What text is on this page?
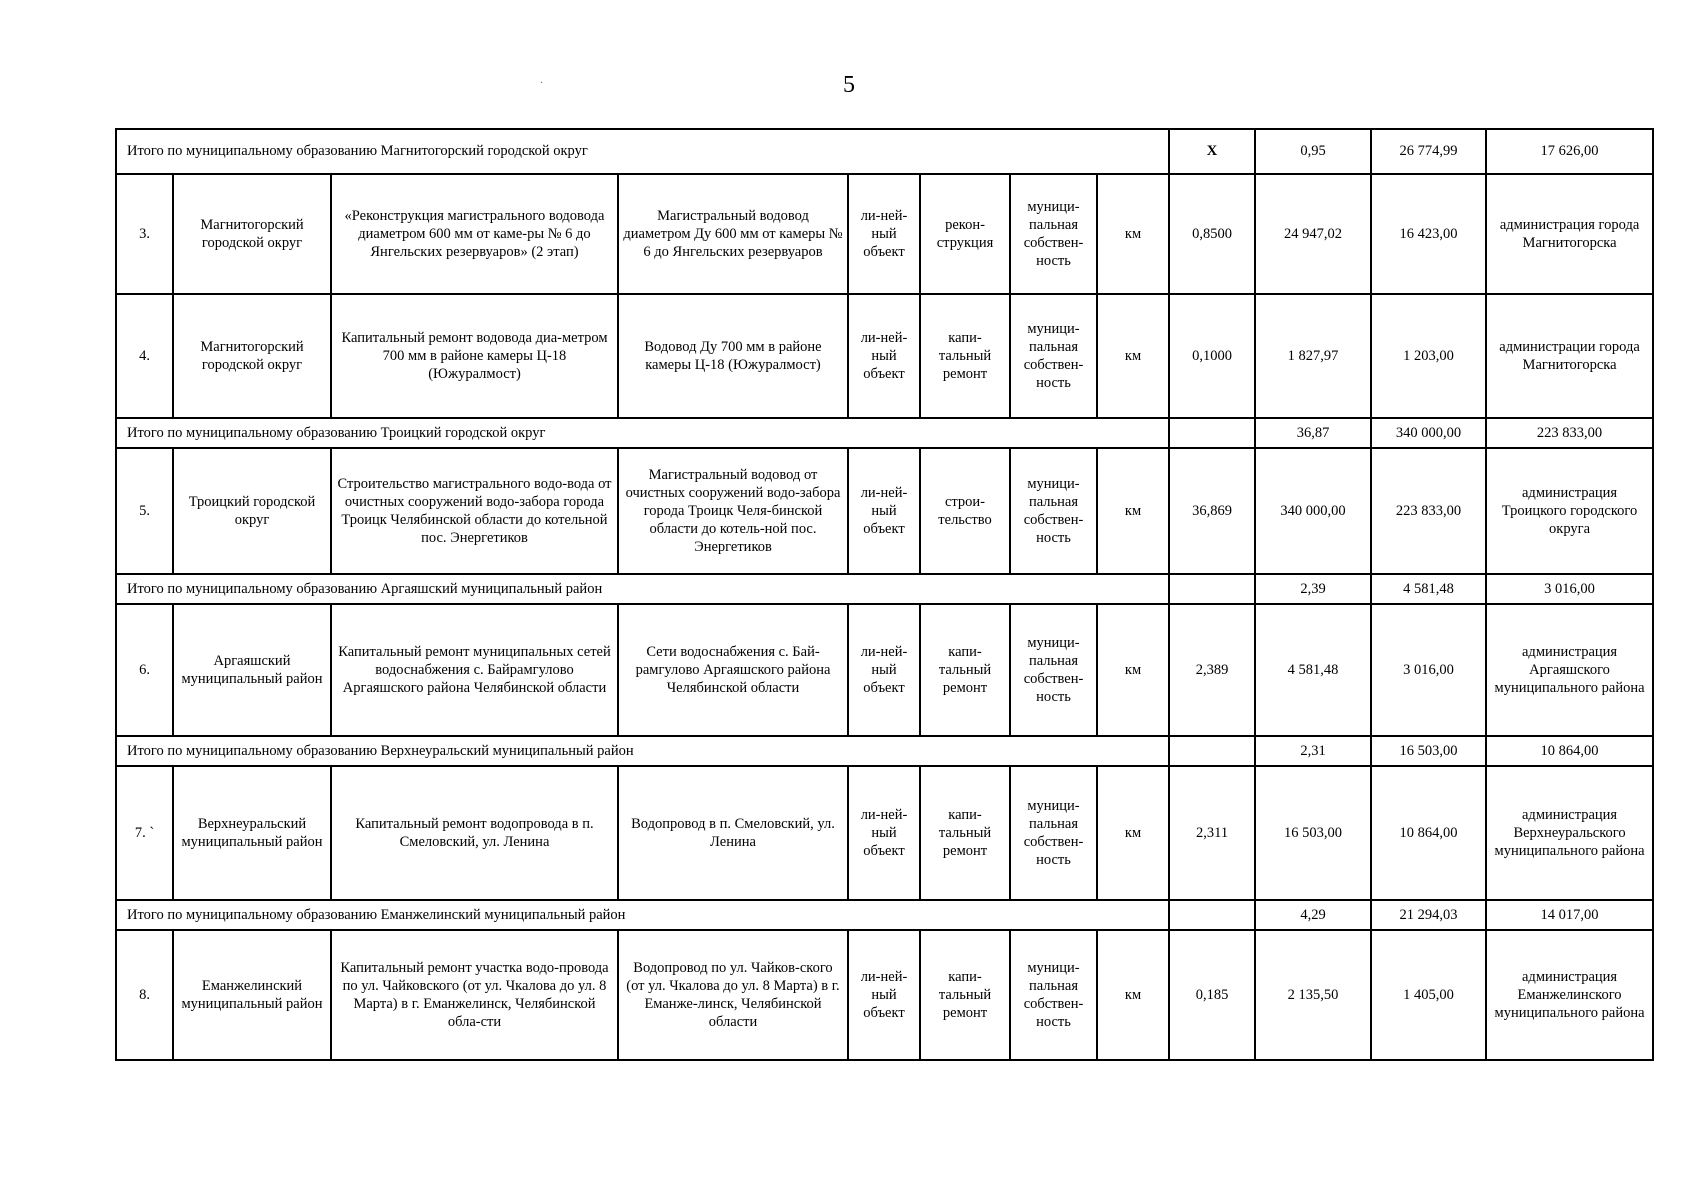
5
·
Итого по муниципальному образованию Магнитогорский городской округ								Х	0,95	26 774,99	17 626,00	
3.	Магнитогорский городской округ	«Реконструкция магистрального водовода диаметром 600 мм от каме-ры № 6 до Янгельских резервуаров» (2 этап)	Магистральный водовод диаметром Ду 600 мм от камеры № 6 до Янгельских резервуаров	ли-ней-ный объект	рекон-струкция	муници-пальная собствен-ность	км	0,8500	24 947,02	16 423,00	администрация города Магнитогорска	
4.	Магнитогорский городской округ	Капитальный ремонт водовода диа-метром 700 мм в районе камеры Ц-18 (Южуралмост)	Водовод Ду 700 мм в районе камеры Ц-18 (Южуралмост)	ли-ней-ный объект	капи-тальный ремонт	муници-пальная собствен-ность	км	0,1000	1 827,97	1 203,00	администрации города Магнитогорска	
Итого по муниципальному образованию Троицкий городской округ									36,87	340 000,00	223 833,00	
5.	Троицкий городской округ	Строительство магистрального водо-вода от очистных сооружений водо-забора города Троицк Челябинской области до котельной пос. Энергетиков	Магистральный водовод от очистных сооружений водо-забора города Троицк Челя-бинской области до котель-ной пос. Энергетиков	ли-ней-ный объект	строи-тельство	муници-пальная собствен-ность	км	36,869	340 000,00	223 833,00	администрация Троицкого городского округа	
Итого по муниципальному образованию Аргаяшский муниципальный район									2,39	4 581,48	3 016,00	
6.	Аргаяшский муниципальный район	Капитальный ремонт муниципальных сетей водоснабжения с. Байрамгулово Аргаяшского района Челябинской области	Сети водоснабжения с. Бай-рамгулово Аргаяшского района Челябинской области	ли-ней-ный объект	капи-тальный ремонт	муници-пальная собствен-ность	км	2,389	4 581,48	3 016,00	администрация Аргаяшского муниципального района	
Итого по муниципальному образованию Верхнеуральский муниципальный район									2,31	16 503,00	10 864,00	
7. `	Верхнеуральский муниципальный район	Капитальный ремонт водопровода в п. Смеловский, ул. Ленина	Водопровод в п. Смеловский, ул. Ленина	ли-ней-ный объект	капи-тальный ремонт	муници-пальная собствен-ность	км	2,311	16 503,00	10 864,00	администрация Верхнеуральского муниципального района	
Итого по муниципальному образованию Еманжелинский муниципальный район									4,29	21 294,03	14 017,00	
8.	Еманжелинский муниципальный район	Капитальный ремонт участка водо-провода по ул. Чайковского (от ул. Чкалова до ул. 8 Марта) в г. Еманжелинск, Челябинской обла-сти	Водопровод по ул. Чайков-ского (от ул. Чкалова до ул. 8 Марта) в г. Еманже-линск, Челябинской области	ли-ней-ный объект	капи-тальный ремонт	муници-пальная собствен-ность	км	0,185	2 135,50	1 405,00	администрация Еманжелинского муниципального района	
